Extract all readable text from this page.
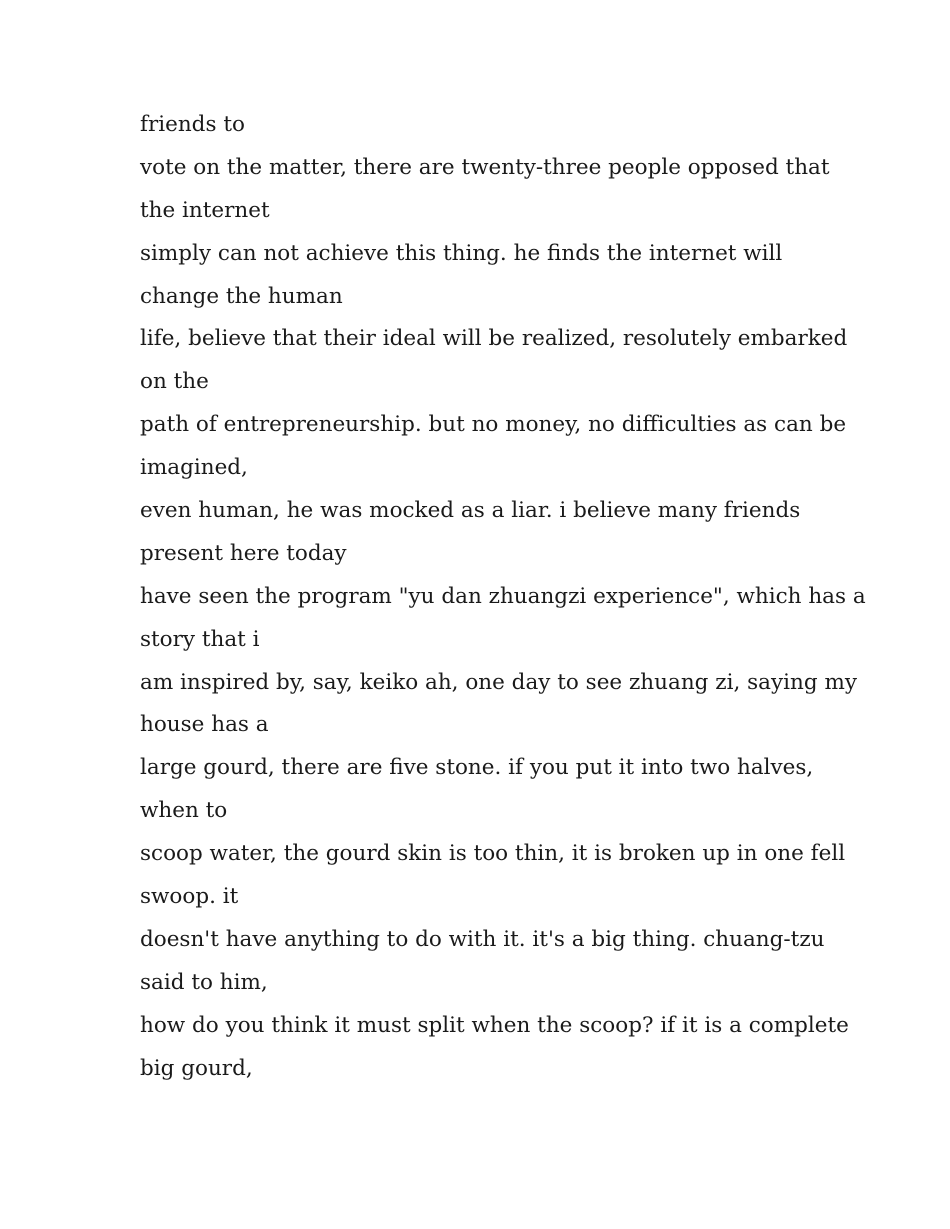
friends to
vote on the matter, there are twenty-three people opposed that
the internet
simply can not achieve this thing. he finds the internet will
change the human
life, believe that their ideal will be realized, resolutely embarked
on the
path of entrepreneurship. but no money, no difficulties as can be
imagined,
even human, he was mocked as a liar. i believe many friends
present here today
have seen the program "yu dan zhuangzi experience", which has a
story that i
am inspired by, say, keiko ah, one day to see zhuang zi, saying my
house has a
large gourd, there are five stone. if you put it into two halves,
when to
scoop water, the gourd skin is too thin, it is broken up in one fell
swoop. it
doesn't have anything to do with it. it's a big thing. chuang-tzu
said to him,
how do you think it must split when the scoop? if it is a complete
big gourd,
